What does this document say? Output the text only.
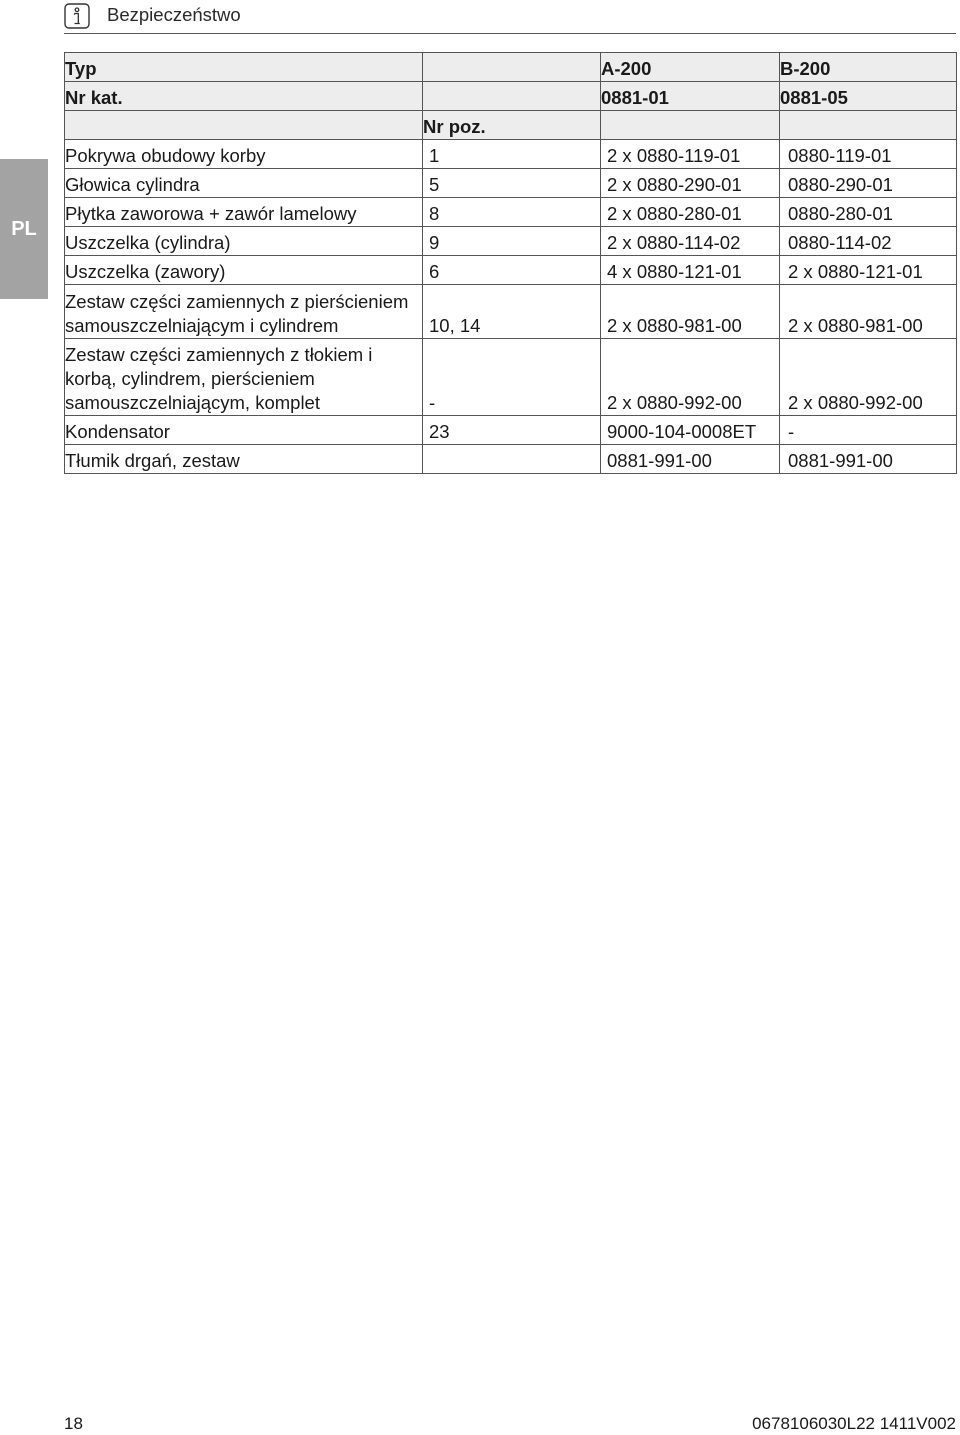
Bezpieczeństwo
PL
Typ		A-200	B-200
Nr kat.		0881-01	0881-05
	Nr poz.		
Pokrywa obudowy korby	1	2 x 0880-119-01	0880-119-01
Głowica cylindra	5	2 x 0880-290-01	0880-290-01
Płytka zaworowa + zawór lamelowy	8	2 x 0880-280-01	0880-280-01
Uszczelka (cylindra)	9	2 x 0880-114-02	0880-114-02
Uszczelka (zawory)	6	4 x 0880-121-01	2 x 0880-121-01
Zestaw części zamiennych z pierścieniem samouszczelniającym i cylindrem	10, 14	2 x 0880-981-00	2 x 0880-981-00
Zestaw części zamiennych z tłokiem i korbą, cylindrem, pierścieniem samouszczelniającym, komplet	-	2 x 0880-992-00	2 x 0880-992-00
Kondensator	23	9000-104-0008ET	-
Tłumik drgań, zestaw		0881-991-00	0881-991-00
18	0678106030L22 1411V002
